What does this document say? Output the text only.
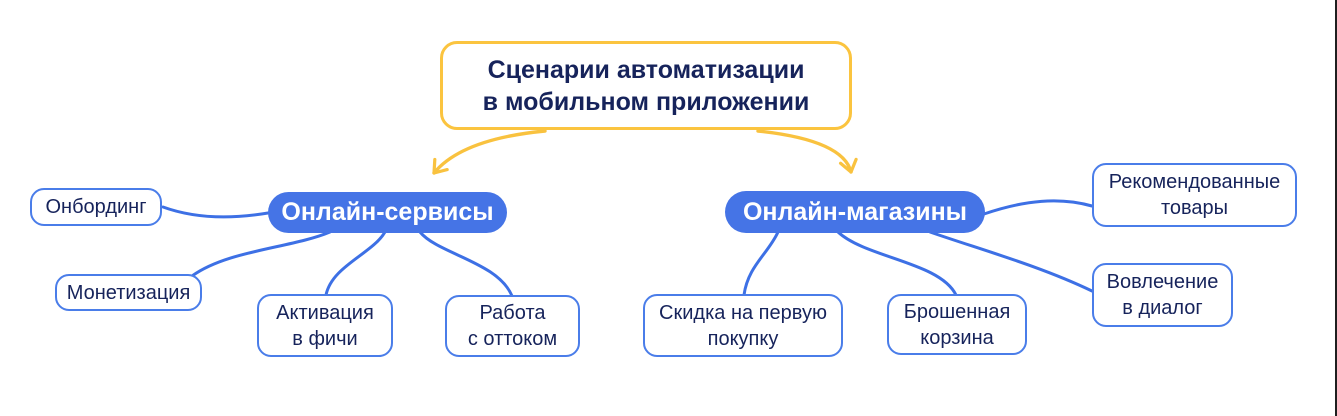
Сценарии автоматизации
в мобильном приложении
Онлайн-сервисы	Онлайн-магазины
Онбординг
Монетизация
Активация
в фичи
Работа
с оттоком
Скидка на первую
покупку
Брошенная
корзина
Рекомендованные
товары
Вовлечение
в диалог
